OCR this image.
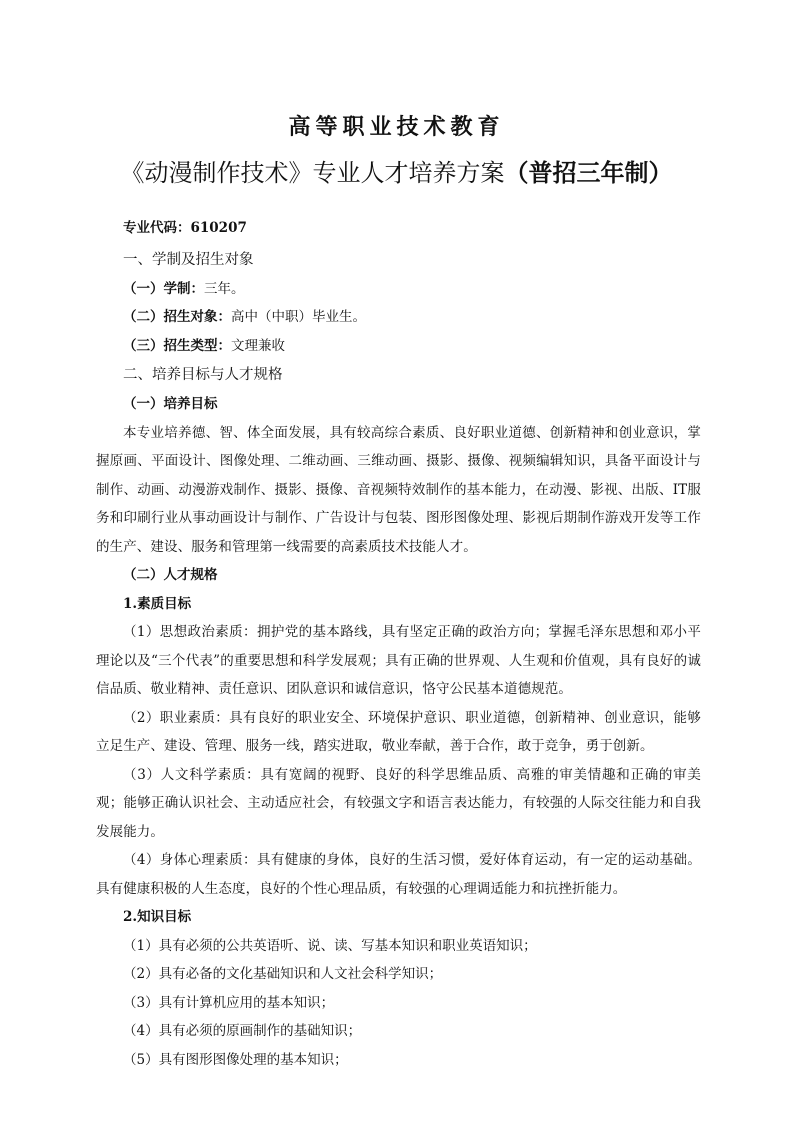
高等职业技术教育
《动漫制作技术》专业人才培养方案（普招三年制）

专业代码：610207

一、学制及招生对象

（一）学制：三年。

（二）招生对象：高中（中职）毕业生。

（三）招生类型：文理兼收

二、培养目标与人才规格

（一）培养目标

本专业培养德、智、体全面发展，具有较高综合素质、良好职业道德、创新精神和创业意识，掌握原画、平面设计、图像处理、二维动画、三维动画、摄影、摄像、视频编辑知识，具备平面设计与制作、动画、动漫游戏制作、摄影、摄像、音视频特效制作的基本能力，在动漫、影视、出版、IT服务和印刷行业从事动画设计与制作、广告设计与包装、图形图像处理、影视后期制作游戏开发等工作的生产、建设、服务和管理第一线需要的高素质技术技能人才。

（二）人才规格

1.素质目标

（1）思想政治素质：拥护党的基本路线，具有坚定正确的政治方向；掌握毛泽东思想和邓小平理论以及“三个代表”的重要思想和科学发展观；具有正确的世界观、人生观和价值观，具有良好的诚信品质、敬业精神、责任意识、团队意识和诚信意识，恪守公民基本道德规范。

（2）职业素质：具有良好的职业安全、环境保护意识、职业道德，创新精神、创业意识，能够立足生产、建设、管理、服务一线，踏实进取，敬业奉献，善于合作，敢于竞争，勇于创新。

（3）人文科学素质：具有宽阔的视野、良好的科学思维品质、高雅的审美情趣和正确的审美观；能够正确认识社会、主动适应社会，有较强文字和语言表达能力，有较强的人际交往能力和自我发展能力。

（4）身体心理素质：具有健康的身体，良好的生活习惯，爱好体育运动，有一定的运动基础。具有健康积极的人生态度，良好的个性心理品质，有较强的心理调适能力和抗挫折能力。

2.知识目标

（1）具有必须的公共英语听、说、读、写基本知识和职业英语知识；

（2）具有必备的文化基础知识和人文社会科学知识；

（3）具有计算机应用的基本知识；

（4）具有必须的原画制作的基础知识；

（5）具有图形图像处理的基本知识；
